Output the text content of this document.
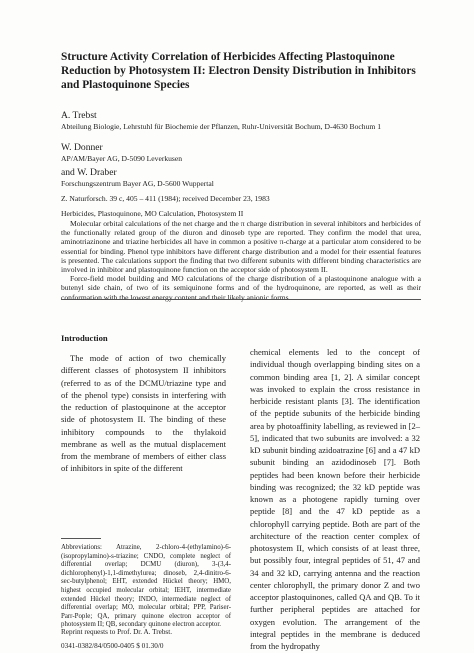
Structure Activity Correlation of Herbicides Affecting Plastoquinone Reduction by Photosystem II: Electron Density Distribution in Inhibitors and Plastoquinone Species

A. Trebst

Abteilung Biologie, Lehrstuhl für Biochemie der Pflanzen, Ruhr-Universität Bochum, D-4630 Bochum 1

W. Donner

AP/AM/Bayer AG, D-5090 Leverkusen

and W. Draber

Forschungszentrum Bayer AG, D-5600 Wuppertal

Z. Naturforsch. 39 c, 405 – 411 (1984); received December 23, 1983

Herbicides, Plastoquinone, MO Calculation, Photosystem II

Molecular orbital calculations of the net charge and the π charge distribution in several inhibitors and herbicides of the functionally related group of the diuron and dinoseb type are reported. They confirm the model that urea, aminotriazinone and triazine herbicides all have in common a positive π-charge at a particular atom considered to be essential for binding. Phenol type inhibitors have different charge distribution and a model for their essential features is presented. The calculations support the finding that two different subunits with different binding characteristics are involved in inhibitor and plastoquinone function on the acceptor side of photosystem II.

Force-field model building and MO calculations of the charge distribution of a plastoquinone analogue with a butenyl side chain, of two of its semiquinone forms and of the hydroquinone, are reported, as well as their conformation with the lowest energy content and their likely anionic forms.

Introduction

The mode of action of two chemically different classes of photosystem II inhibitors (referred to as of the DCMU/triazine type and of the phenol type) consists in interfering with the reduction of plastoquinone at the acceptor side of photosystem II. The binding of these inhibitory compounds to the thylakoid membrane as well as the mutual displacement from the membrane of members of either class of inhibitors in spite of the different

chemical elements led to the concept of individual though overlapping binding sites on a common binding area [1, 2]. A similar concept was invoked to explain the cross resistance in herbicide resistant plants [3]. The identification of the peptide subunits of the herbicide binding area by photoaffinity labelling, as reviewed in [2–5], indicated that two subunits are involved: a 32 kD subunit binding azidoatrazine [6] and a 47 kD subunit binding an azidodinoseb [7]. Both peptides had been known before their herbicide binding was recognized; the 32 kD peptide was known as a photogene rapidly turning over peptide [8] and the 47 kD peptide as a chlorophyll carrying peptide. Both are part of the architecture of the reaction center complex of photosystem II, which consists of at least three, but possibly four, integral peptides of 51, 47 and 34 and 32 kD, carrying antenna and the reaction center chlorophyll, the primary donor Z and two acceptor plastoquinones, called QA and QB. To it further peripheral peptides are attached for oxygen evolution. The arrangement of the integral peptides in the membrane is deduced from the hydropathy

Abbreviations: Atrazine, 2-chloro-4-(ethylamino)-6-(isopropylamino)-s-triazine; CNDO, complete neglect of differential overlap; DCMU (diuron), 3-(3,4-dichlorophenyl)-1,1-dimethylurea; dinoseb, 2,4-dinitro-6-sec-butylphenol; EHT, extended Hückel theory; HMO, highest occupied molecular orbital; IEHT, intermediate extended Hückel theory; INDO, intermediate neglect of differential overlap; MO, molecular orbital; PPP, Pariser-Parr-Pople; QA, primary quinone electron acceptor of photosystem II; QB, secondary quinone electron acceptor.

Reprint requests to Prof. Dr. A. Trebst.

0341-0382/84/0500-0405 $ 01.30/0
